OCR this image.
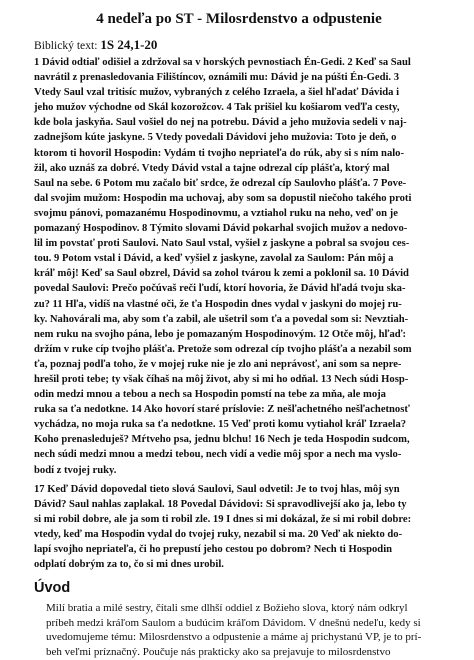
4 nedeľa po ST - Milosrdenstvo a odpustenie
Biblický text: 1S 24,1-20
1 Dávid odtiaľ odišiel a zdržoval sa v horských pevnostiach Én-Gedi. 2 Keď sa Saul
navrátil z prenasledovania Filištíncov, oznámili mu: Dávid je na púšti Én-Gedi. 3
Vtedy Saul vzal tritisíc mužov, vybraných z celého Izraela, a šiel hľadať Dávida i
jeho mužov východne od Skál kozorožcov. 4 Tak prišiel ku košiarom veďľa cesty,
kde bola jaskyňa. Saul vošiel do nej na potrebu. Dávid a jeho mužovia sedeli v naj-
zadnejšom kúte jaskyne. 5 Vtedy povedali Dávidovi jeho mužovia: Toto je deň, o
ktorom ti hovoril Hospodin: Vydám ti tvojho nepriateľa do rúk, aby si s ním nalo-
žil, ako uznáš za dobré. Vtedy Dávid vstal a tajne odrezal cíp plášťa, ktorý mal
Saul na sebe. 6 Potom mu začalo biť srdce, že odrezal cíp Saulovho plášťa. 7 Pove-
dal svojim mužom: Hospodin ma uchovaj, aby som sa dopustil niečoho takého proti
svojmu pánovi, pomazanému Hospodinovmu, a vztiahol ruku na neho, veď on je
pomazaný Hospodinov. 8 Týmito slovami Dávid pokarhal svojich mužov a nedovo-
lil im povstať proti Saulovi. Nato Saul vstal, vyšiel z jaskyne a pobral sa svojou ces-
tou. 9 Potom vstal i Dávid, a keď vyšiel z jaskyne, zavolal za Saulom: Pán môj a
kráľ môj! Keď sa Saul obzrel, Dávid sa zohol tvárou k zemi a poklonil sa. 10 Dávid
povedal Saulovi: Prečo počúvaš reči ľudí, ktorí hovoria, že Dávid hľadá tvoju ska-
zu? 11 Hľa, vidíš na vlastné oči, že ťa Hospodin dnes vydal v jaskyni do mojej ru-
ky. Nahovárali ma, aby som ťa zabil, ale ušetril som ťa a povedal som si: Nevztiah-
nem ruku na svojho pána, lebo je pomazaným Hospodinovým. 12 Otče môj, hľaď:
držím v ruke cíp tvojho plášťa. Pretože som odrezal cíp tvojho plášťa a nezabil som
ťa, poznaj podľa toho, že v mojej ruke nie je zlo ani neprávosť, ani som sa nepre-
hrešil proti tebe; ty však číhaš na môj život, aby si mi ho odňal. 13 Nech súdi Hosp-
odin medzi mnou a tebou a nech sa Hospodin pomstí na tebe za mňa, ale moja
ruka sa ťa nedotkne. 14 Ako hovorí staré príslovie: Z nešľachetného nešľachetnosť
vychádza, no moja ruka sa ťa nedotkne. 15 Veď proti komu vytiahol kráľ Izraela?
Koho prenasleduješ? Mŕtveho psa, jednu blchu! 16 Nech je teda Hospodin sudcom,
nech súdi medzi mnou a medzi tebou, nech vidí a vedie môj spor a nech ma vyslo-
bodí z tvojej ruky.
17 Keď Dávid dopovedal tieto slová Saulovi, Saul odvetil: Je to tvoj hlas, môj syn
Dávid? Saul nahlas zaplakal. 18 Povedal Dávidovi: Si spravodlivejší ako ja, lebo ty
si mi robil dobre, ale ja som ti robil zle. 19 I dnes si mi dokázal, že si mi robil dobre:
vtedy, keď ma Hospodin vydal do tvojej ruky, nezabil si ma. 20 Veď ak niekto do-
lapí svojho nepriateľa, či ho prepustí jeho cestou po dobrom? Nech ti Hospodin
odplatí dobrým za to, čo si mi dnes urobil.
Úvod
Milí bratia a milé sestry, čítali sme dlhší oddiel z Božieho slova, ktorý nám odkryl
príbeh medzi kráľom Saulom a budúcim kráľom Dávidom. V dnešnú nedeľu, kedy si
uvedomujeme tému: Milosrdenstvo a odpustenie a máme aj prichystanú VP, je to prí-
beh veľmi príznačný. Poučuje nás prakticky ako sa prejavuje to milosrdenstvo
